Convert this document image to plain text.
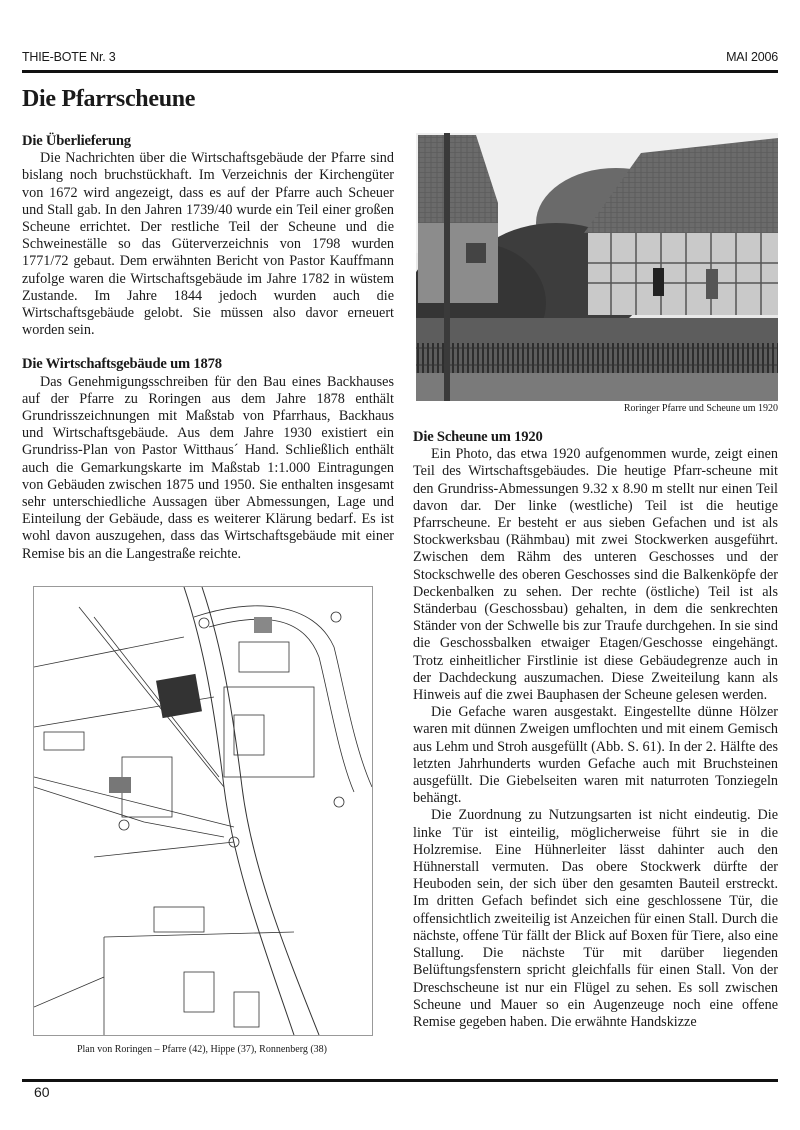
THIE-BOTE Nr. 3	MAI 2006
Die Pfarrscheune
Die Überlieferung

Die Nachrichten über die Wirtschaftsgebäude der Pfarre sind bislang noch bruchstückhaft. Im Verzeichnis der Kirchengüter von 1672 wird angezeigt, dass es auf der Pfarre auch Scheuer und Stall gab. In den Jahren 1739/40 wurde ein Teil einer großen Scheune errichtet. Der restliche Teil der Scheune und die Schweineställe so das Güterverzeichnis von 1798 wurden 1771/72 gebaut. Dem erwähnten Bericht von Pastor Kauffmann zufolge waren die Wirtschaftsgebäude im Jahre 1782 in wüstem Zustande. Im Jahre 1844 jedoch wurden auch die Wirtschaftsgebäude gelobt. Sie müssen also davor erneuert worden sein.

Die Wirtschaftsgebäude um 1878

Das Genehmigungsschreiben für den Bau eines Backhauses auf der Pfarre zu Roringen aus dem Jahre 1878 enthält Grundrisszeichnungen mit Maßstab von Pfarrhaus, Backhaus und Wirtschaftsgebäude. Aus dem Jahre 1930 existiert ein Grundriss-Plan von Pastor Witthaus´ Hand. Schließlich enthält auch die Gemarkungskarte im Maßstab 1:1.000 Eintragungen von Gebäuden zwischen 1875 und 1950. Sie enthalten insgesamt sehr unterschiedliche Aussagen über Abmessungen, Lage und Einteilung der Gebäude, dass es weiterer Klärung bedarf. Es ist wohl davon auszugehen, dass das Wirtschaftsgebäude mit einer Remise bis an die Langestraße reichte.

Roringer Pfarre und Scheune um 1920
Die Scheune um 1920

Ein Photo, das etwa 1920 aufgenommen wurde, zeigt einen Teil des Wirtschaftsgebäudes. Die heutige Pfarr-scheune mit den Grundriss-Abmessungen 9.32 x 8.90 m stellt nur einen Teil davon dar. Der linke (westliche) Teil ist die heutige Pfarrscheune. Er besteht er aus sieben Gefachen und ist als Stockwerksbau (Rähmbau) mit zwei Stockwerken ausgeführt. Zwischen dem Rähm des unteren Geschosses und der Stockschwelle des oberen Geschosses sind die Balkenköpfe der Deckenbalken zu sehen. Der rechte (östliche) Teil ist als Ständerbau (Geschossbau) gehalten, in dem die senkrechten Ständer von der Schwelle bis zur Traufe durchgehen. In sie sind die Geschossbalken etwaiger Etagen/Geschosse eingehängt. Trotz einheitlicher Firstlinie ist diese Gebäudegrenze auch in der Dachdeckung auszumachen. Diese Zweiteilung kann als Hinweis auf die zwei Bauphasen der Scheune gelesen werden.

Die Gefache waren ausgestakt. Eingestellte dünne Hölzer waren mit dünnen Zweigen umflochten und mit einem Gemisch aus Lehm und Stroh ausgefüllt (Abb. S. 61). In der 2. Hälfte des letzten Jahrhunderts wurden Gefache auch mit Bruchsteinen ausgefüllt. Die Giebelseiten waren mit naturroten Tonziegeln behängt.

Die Zuordnung zu Nutzungsarten ist nicht eindeutig. Die linke Tür ist einteilig, möglicherweise führt sie in die Holzremise. Eine Hühnerleiter lässt dahinter auch den Hühnerstall vermuten. Das obere Stockwerk dürfte der Heuboden sein, der sich über den gesamten Bauteil erstreckt. Im dritten Gefach befindet sich eine geschlossene Tür, die offensichtlich zweiteilig ist Anzeichen für einen Stall. Durch die nächste, offene Tür fällt der Blick auf Boxen für Tiere, also eine Stallung. Die nächste Tür mit darüber liegenden Belüftungsfenstern spricht gleichfalls für einen Stall. Von der Dreschscheune ist nur ein Flügel zu sehen. Es soll zwischen Scheune und Mauer so ein Augenzeuge noch eine offene Remise gegeben haben. Die erwähnte Handskizze

Plan von Roringen – Pfarre (42), Hippe (37), Ronnenberg (38)
60
